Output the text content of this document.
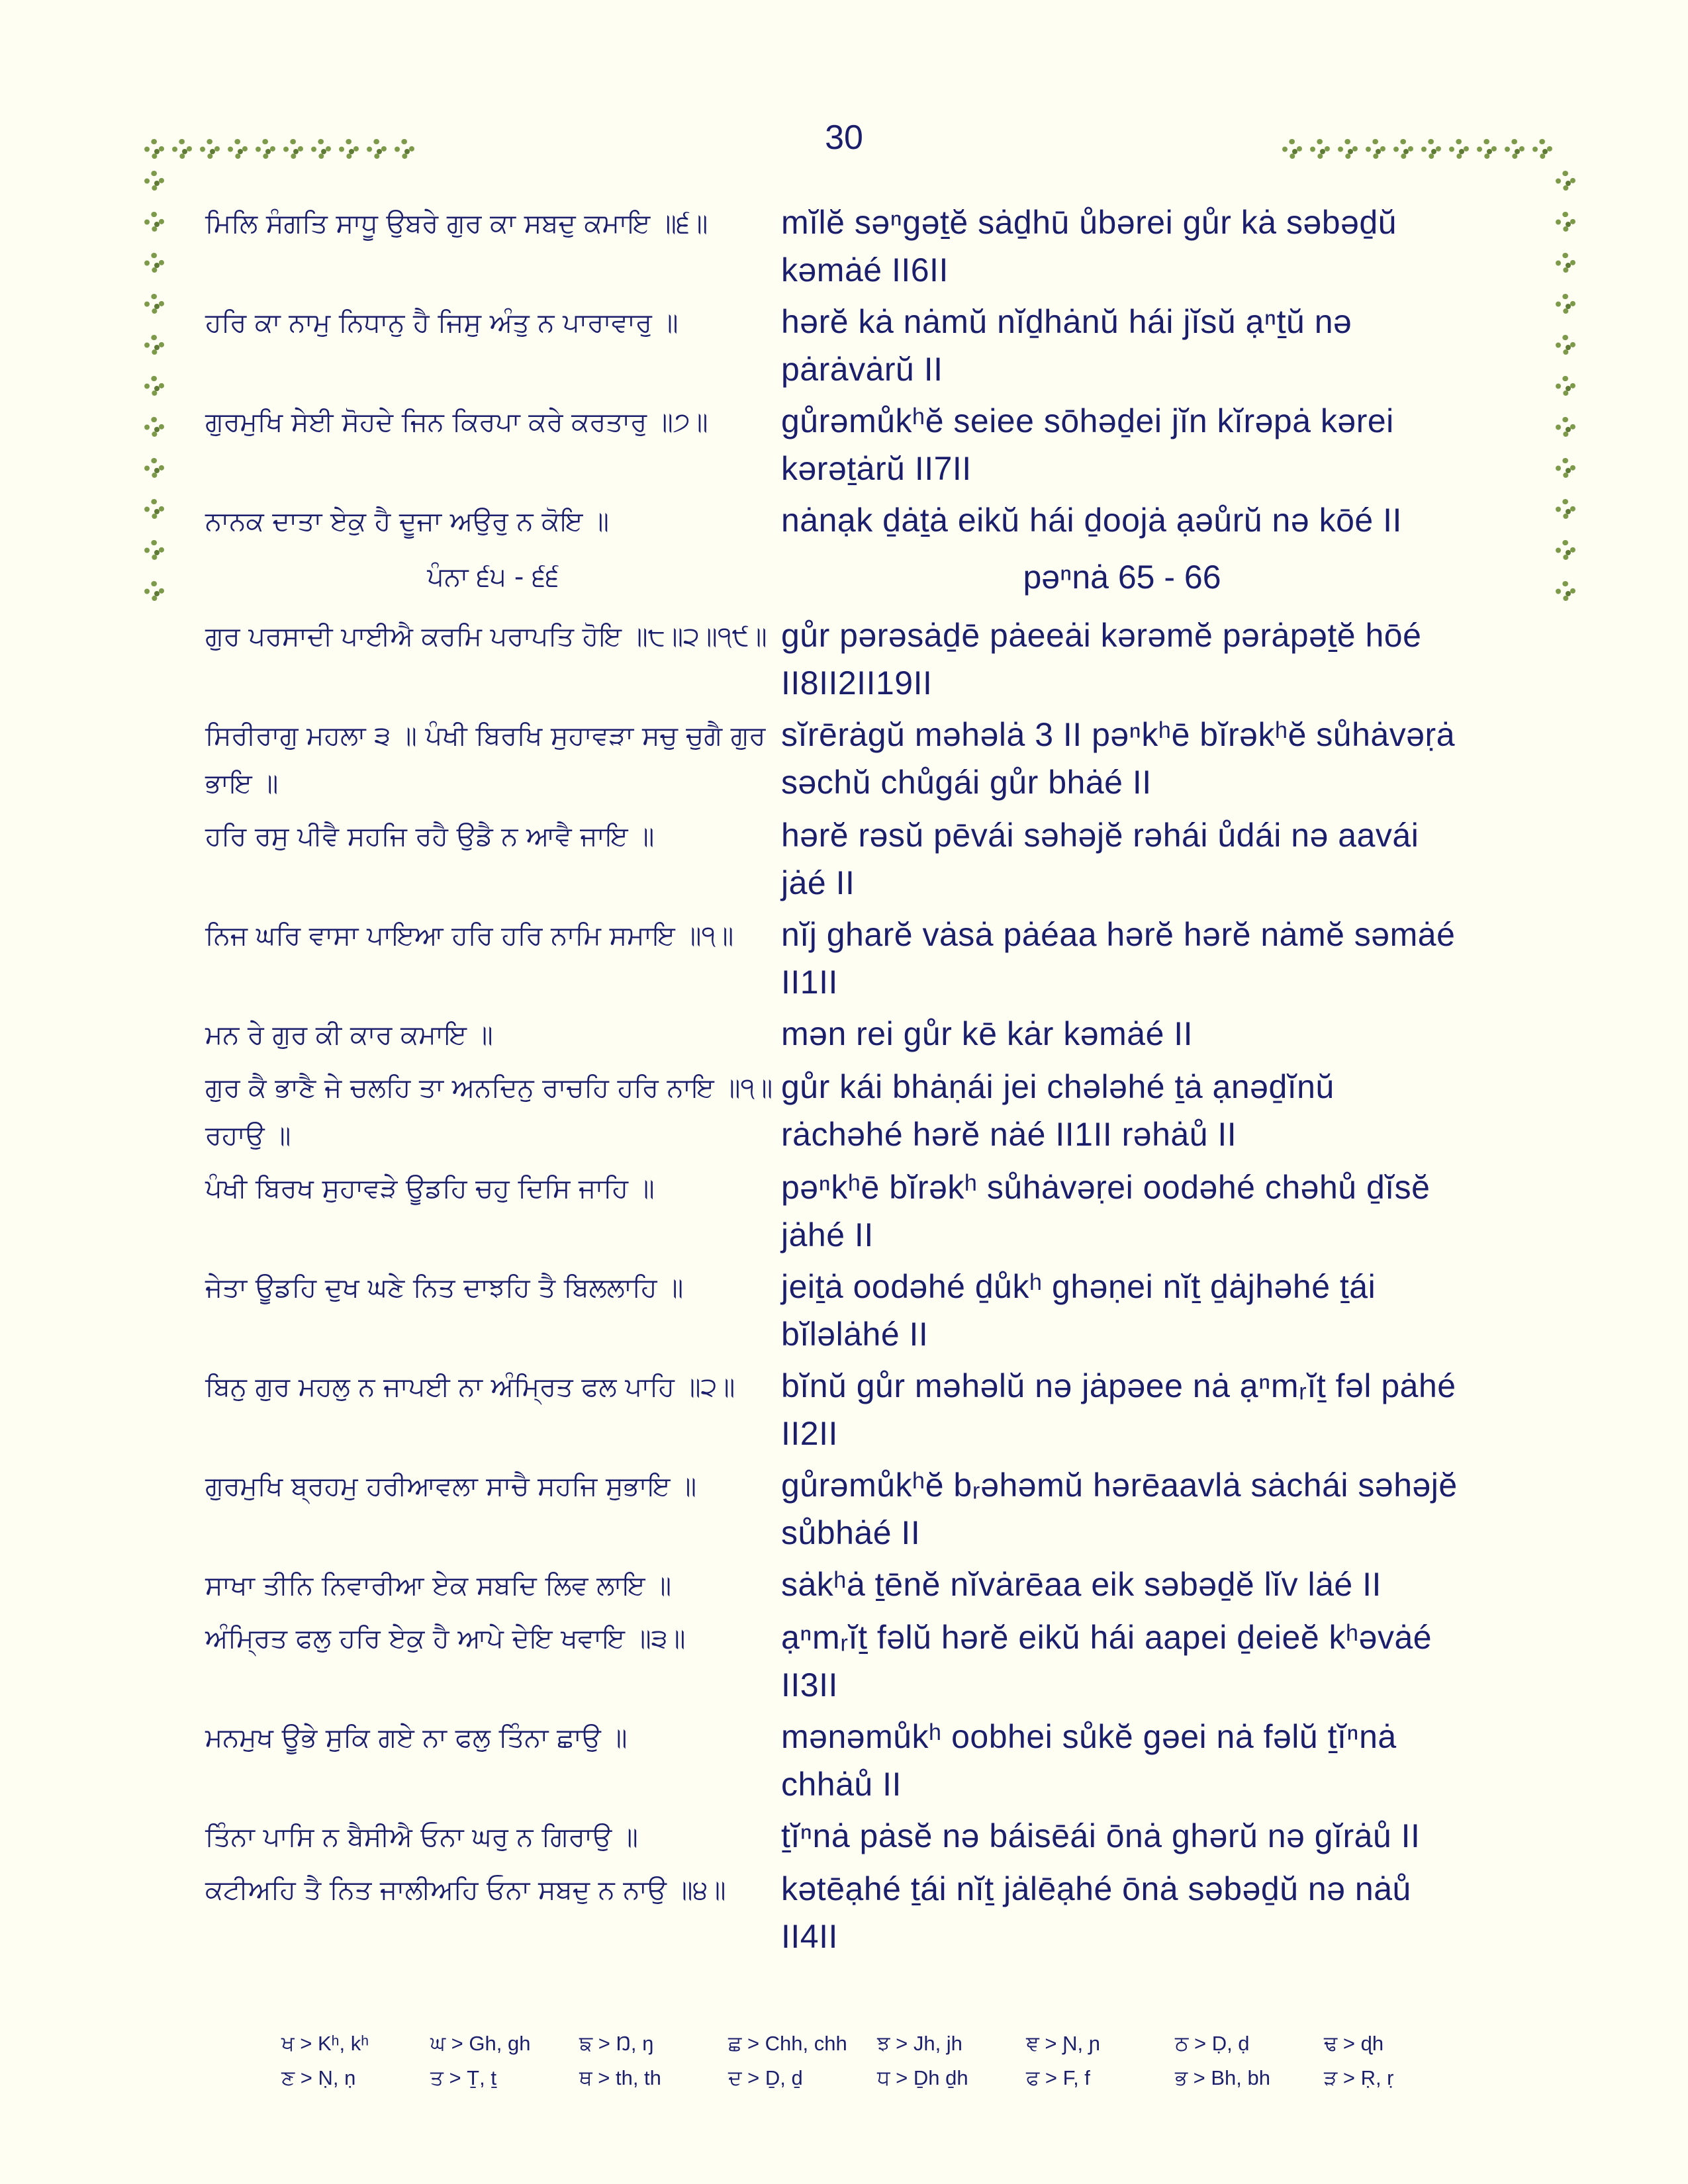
30
ਮਿਲਿ ਸੰਗਤਿ ਸਾਧੂ ਉਬਰੇ ਗੁਰ ਕਾ ਸਬਦੁ ਕਮਾਇ ॥੬॥	mĭlĕ səⁿgəṯĕ sȧḏhū ůbərei gůr kȧ səbəḏŭ kəmȧé II6II
ਹਰਿ ਕਾ ਨਾਮੁ ਨਿਧਾਨੁ ਹੈ ਜਿਸੁ ਅੰਤੁ ਨ ਪਾਰਾਵਾਰੁ ॥	hərĕ kȧ nȧmŭ nĭḏhȧnŭ hái jĭsŭ ạⁿṯŭ nə pȧrȧvȧrŭ II
ਗੁਰਮੁਖਿ ਸੇਈ ਸੋਹਦੇ ਜਿਨ ਕਿਰਪਾ ਕਰੇ ਕਰਤਾਰੁ ॥੭॥	gůrəmůkʰĕ seiee sōhəḏei jĭn kĭrəpȧ kərei kərəṯȧrŭ II7II
ਨਾਨਕ ਦਾਤਾ ਏਕੁ ਹੈ ਦੂਜਾ ਅਉਰੁ ਨ ਕੋਇ ॥	nȧnạk ḏȧṯȧ eikŭ hái ḏoojȧ ạəůrŭ nə kōé II
ਪੰਨਾ ੬੫ - ੬੬	pəⁿnȧ 65 - 66
ਗੁਰ ਪਰਸਾਦੀ ਪਾਈਐ ਕਰਮਿ ਪਰਾਪਤਿ ਹੋਇ ॥੮॥੨॥੧੯॥ gůr pərəsȧḏē pȧeeȧi kərəmĕ pərȧpəṯĕ hōé II8II2II19II
ਸਿਰੀਰਾਗੁ ਮਹਲਾ ੩ ॥ ਪੰਖੀ ਬਿਰਖਿ ਸੁਹਾਵੜਾ ਸਚੁ ਚੁਗੈ ਗੁਰ ਭਾਇ ॥
sĭrērȧgŭ məhəlȧ 3 II pəⁿkʰē bĭrəkʰĕ sůhȧvəṛȧ səchŭ chůgái gůr bhȧé II
ਹਰਿ ਰਸੁ ਪੀਵੈ ਸਹਜਿ ਰਹੈ ਉਡੈ ਨ ਆਵੈ ਜਾਇ ॥	hərĕ rəsŭ pēvái səhəjĕ rəhái ůdái nə aavái jȧé II
ਨਿਜ ਘਰਿ ਵਾਸਾ ਪਾਇਆ ਹਰਿ ਹਰਿ ਨਾਮਿ ਸਮਾਇ ॥੧॥	nĭj gharĕ vȧsȧ pȧéaa hərĕ hərĕ nȧmĕ səmȧé II1II
ਮਨ ਰੇ ਗੁਰ ਕੀ ਕਾਰ ਕਮਾਇ ॥	mən rei gůr kē kȧr kəmȧé II
ਗੁਰ ਕੈ ਭਾਣੈ ਜੇ ਚਲਹਿ ਤਾ ਅਨਦਿਨੁ ਰਾਚਹਿ ਹਰਿ ਨਾਇ ॥੧॥ ਰਹਾਉ ॥
gůr kái bhȧṇái jei chələhé ṯȧ ạnəḏĭnŭ rȧchəhé hərĕ nȧé II1II rəhȧů II
ਪੰਖੀ ਬਿਰਖ ਸੁਹਾਵੜੇ ਊਡਹਿ ਚਹੁ ਦਿਸਿ ਜਾਹਿ ॥	pəⁿkʰē bĭrəkʰ sůhȧvəṛei oodəhé chəhů ḏĭsĕ jȧhé II
ਜੇਤਾ ਊਡਹਿ ਦੁਖ ਘਣੇ ਨਿਤ ਦਾਝਹਿ ਤੈ ਬਿਲਲਾਹਿ ॥	jeiṯȧ oodəhé ḏůkʰ ghəṇei nĭṯ ḏȧjhəhé ṯái bĭləlȧhé II
ਬਿਨੁ ਗੁਰ ਮਹਲੁ ਨ ਜਾਪਈ ਨਾ ਅੰਮ੍ਰਿਤ ਫਲ ਪਾਹਿ ॥੨॥	bĭnŭ gůr məhəlŭ nə jȧpəee nȧ ạⁿmᵣĭṯ fəl pȧhé II2II
ਗੁਰਮੁਖਿ ਬ੍ਰਹਮੁ ਹਰੀਆਵਲਾ ਸਾਚੈ ਸਹਜਿ ਸੁਭਾਇ ॥	gůrəmůkʰĕ bᵣəhəmŭ hərēaavlȧ sȧchái səhəjĕ sůbhȧé II
ਸਾਖਾ ਤੀਨਿ ਨਿਵਾਰੀਆ ਏਕ ਸਬਦਿ ਲਿਵ ਲਾਇ ॥	sȧkʰȧ ṯēnĕ nĭvȧrēaa eik səbəḏĕ lĭv lȧé II
ਅੰਮ੍ਰਿਤ ਫਲੁ ਹਰਿ ਏਕੁ ਹੈ ਆਪੇ ਦੇਇ ਖਵਾਇ ॥੩॥	ạⁿmᵣĭṯ fəlŭ hərĕ eikŭ hái aapei ḏeieĕ kʰəvȧé II3II
ਮਨਮੁਖ ਊਭੇ ਸੁਕਿ ਗਏ ਨਾ ਫਲੁ ਤਿੰਨਾ ਛਾਉ ॥	mənəmůkʰ oobhei sůkĕ gəei nȧ fəlŭ ṯĭⁿnȧ chhȧů II
ਤਿੰਨਾ ਪਾਸਿ ਨ ਬੈਸੀਐ ਓਨਾ ਘਰੁ ਨ ਗਿਰਾਉ ॥	ṯĭⁿnȧ pȧsĕ nə báisēái ōnȧ ghərŭ nə gĭrȧů II
ਕਟੀਅਹਿ ਤੈ ਨਿਤ ਜਾਲੀਅਹਿ ਓਨਾ ਸਬਦੁ ਨ ਨਾਉ ॥੪॥	kətēạhé ṯái nĭṯ jȧlēạhé ōnȧ səbəḏŭ nə nȧů II4II
ਖ > Kʰ, kʰ	ਘ > Gh, gh	ਙ > Ŋ, ŋ	ਛ > Chh, chh	ਝ > Jh, jh	ਞ > Ɲ, ɲ	ਠ > Ḍ, ḍ	ਢ > ɖh
ਣ > Ṇ, ṇ	ਤ > Ṯ, ṯ	ਥ > th, th	ਦ > Ḏ, ḏ	ਧ > Ḏh ḏh	ਫ > F, f	ਭ > Bh, bh	ੜ > Ṛ, ṛ
